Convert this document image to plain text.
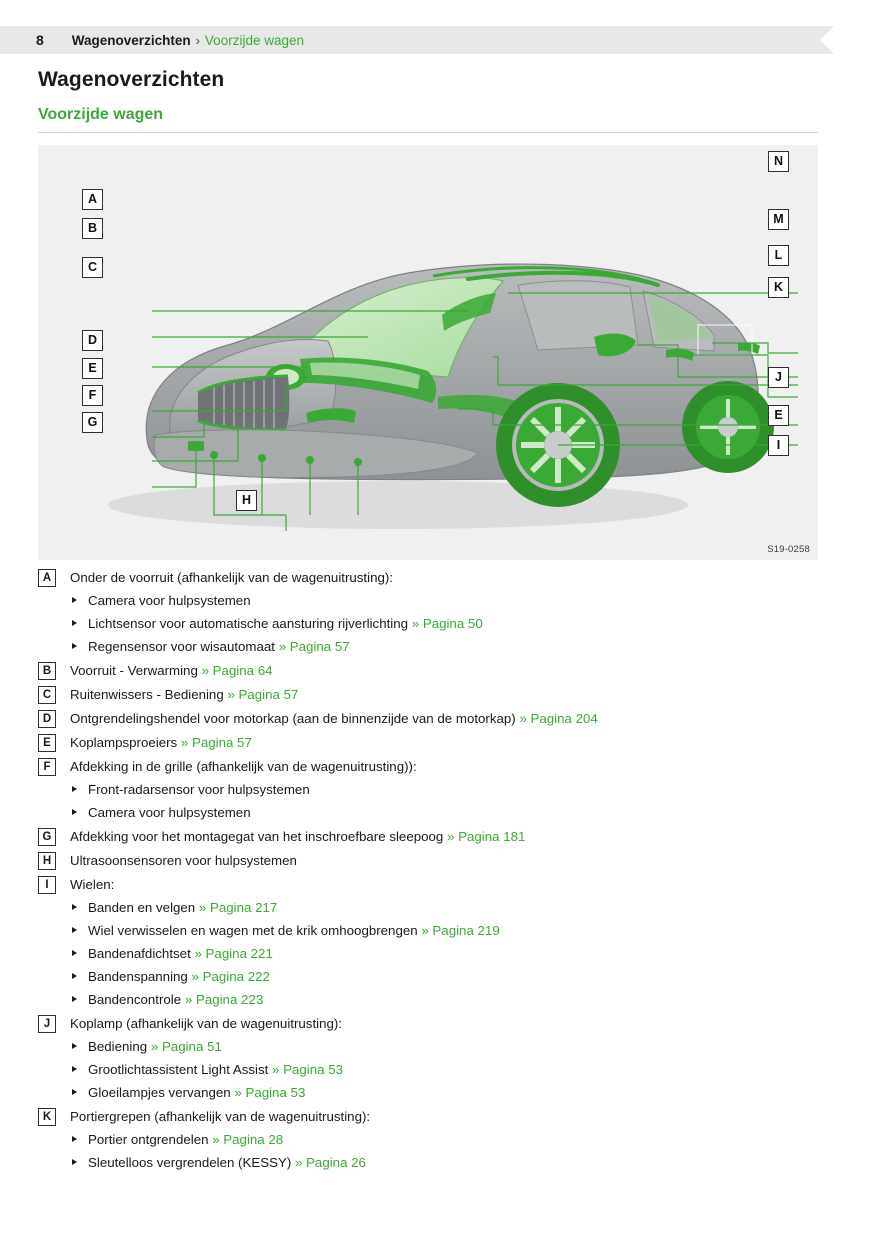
8 Wagenoverzichten › Voorzijde wagen
Wagenoverzichten
Voorzijde wagen
A
B
C
D
E
F
G
H
I
J
K
L
M
N
E
S19-0258
A	Onder de voorruit (afhankelijk van de wagenuitrusting):
Camera voor hulpsystemen
Lichtsensor voor automatische aansturing rijverlichting » Pagina 50
Regensensor voor wisautomaat » Pagina 57
B	Voorruit - Verwarming » Pagina 64
C	Ruitenwissers - Bediening » Pagina 57
D	Ontgrendelingshendel voor motorkap (aan de binnenzijde van de motorkap) » Pagina 204
E	Koplampsproeiers » Pagina 57
F	Afdekking in de grille (afhankelijk van de wagenuitrusting)):
Front-radarsensor voor hulpsystemen
Camera voor hulpsystemen
G	Afdekking voor het montagegat van het inschroefbare sleepoog » Pagina 181
H	Ultrasoonsensoren voor hulpsystemen
I	Wielen:
Banden en velgen » Pagina 217
Wiel verwisselen en wagen met de krik omhoogbrengen » Pagina 219
Bandenafdichtset » Pagina 221
Bandenspanning » Pagina 222
Bandencontrole » Pagina 223
J	Koplamp (afhankelijk van de wagenuitrusting):
Bediening » Pagina 51
Grootlichtassistent Light Assist » Pagina 53
Gloeilampjes vervangen » Pagina 53
K	Portiergrepen (afhankelijk van de wagenuitrusting):
Portier ontgrendelen » Pagina 28
Sleutelloos vergrendelen (KESSY) » Pagina 26
